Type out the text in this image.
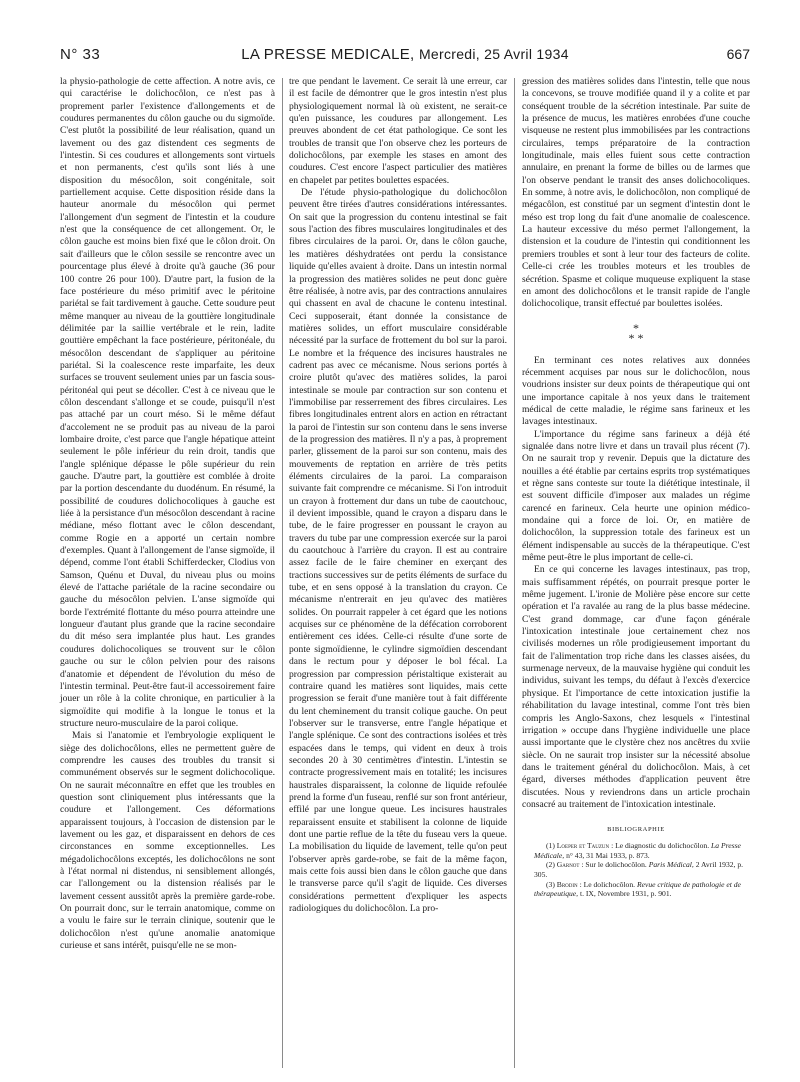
N° 33	LA PRESSE MEDICALE, Mercredi, 25 Avril 1934	667

la physio-pathologie de cette affection. A notre avis, ce qui caractérise le dolichocôlon, ce n'est pas à proprement parler l'existence d'allongements et de coudures permanentes du côlon gauche ou du sigmoïde. C'est plutôt la possibilité de leur réalisation, quand un lavement ou des gaz distendent ces segments de l'intestin. Si ces coudures et allongements sont virtuels et non permanents, c'est qu'ils sont liés à une disposition du mésocôlon, soit congénitale, soit partiellement acquise. Cette disposition réside dans la hauteur anormale du mésocôlon qui permet l'allongement d'un segment de l'intestin et la coudure n'est que la conséquence de cet allongement. Or, le côlon gauche est moins bien fixé que le côlon droit. On sait d'ailleurs que le côlon sessile se rencontre avec un pourcentage plus élevé à droite qu'à gauche (36 pour 100 contre 26 pour 100). D'autre part, la fusion de la face postérieure du méso primitif avec le péritoine pariétal se fait tardivement à gauche. Cette soudure peut même manquer au niveau de la gouttière longitudinale délimitée par la saillie vertébrale et le rein, ladite gouttière empêchant la face postérieure, péritonéale, du mésocôlon descendant de s'appliquer au péritoine pariétal. Si la coalescence reste imparfaite, les deux surfaces se trouvent seulement unies par un fascia sous-péritonéal qui peut se décoller. C'est à ce niveau que le côlon descendant s'allonge et se coude, puisqu'il n'est pas attaché par un court méso. Si le même défaut d'accolement ne se produit pas au niveau de la paroi lombaire droite, c'est parce que l'angle hépatique atteint seulement le pôle inférieur du rein droit, tandis que l'angle splénique dépasse le pôle supérieur du rein gauche. D'autre part, la gouttière est comblée à droite par la portion descendante du duodénum. En résumé, la possibilité de coudures dolichocoliques à gauche est liée à la persistance d'un mésocôlon descendant à racine médiane, méso flottant avec le côlon descendant, comme Rogie en a apporté un certain nombre d'exemples. Quant à l'allongement de l'anse sigmoïde, il dépend, comme l'ont établi Schifferdecker, Clodius von Samson, Quénu et Duval, du niveau plus ou moins élevé de l'attache pariétale de la racine secondaire ou gauche du mésocôlon pelvien. L'anse sigmoïde qui borde l'extrémité flottante du méso pourra atteindre une longueur d'autant plus grande que la racine secondaire du dit méso sera implantée plus haut. Les grandes coudures dolichocoliques se trouvent sur le côlon gauche ou sur le côlon pelvien pour des raisons d'anatomie et dépendent de l'évolution du méso de l'intestin terminal. Peut-être faut-il accessoirement faire jouer un rôle à la colite chronique, en particulier à la sigmoïdite qui modifie à la longue le tonus et la structure neuro-musculaire de la paroi colique.

Mais si l'anatomie et l'embryologie expliquent le siège des dolichocôlons, elles ne permettent guère de comprendre les causes des troubles du transit si communément observés sur le segment dolichocolique. On ne saurait méconnaître en effet que les troubles en question sont cliniquement plus intéressants que la coudure et l'allongement. Ces déformations apparaissent toujours, à l'occasion de distension par le lavement ou les gaz, et disparaissent en dehors de ces circonstances en somme exceptionnelles. Les mégadolichocôlons exceptés, les dolichocôlons ne sont à l'état normal ni distendus, ni sensiblement allongés, car l'allongement ou la distension réalisés par le lavement cessent aussitôt après la première garde-robe. On pourrait donc, sur le terrain anatomique, comme on a voulu le faire sur le terrain clinique, soutenir que le dolichocôlon n'est qu'une anomalie anatomique curieuse et sans intérêt, puisqu'elle ne se mon-

tre que pendant le lavement. Ce serait là une erreur, car il est facile de démontrer que le gros intestin n'est plus physiologiquement normal là où existent, ne serait-ce qu'en puissance, les coudures par allongement. Les preuves abondent de cet état pathologique. Ce sont les troubles de transit que l'on observe chez les porteurs de dolichocôlons, par exemple les stases en amont des coudures. C'est encore l'aspect particulier des matières en chapelet par petites boulettes espacées.

De l'étude physio-pathologique du dolichocôlon peuvent être tirées d'autres considérations intéressantes. On sait que la progression du contenu intestinal se fait sous l'action des fibres musculaires longitudinales et des fibres circulaires de la paroi. Or, dans le côlon gauche, les matières déshydratées ont perdu la consistance liquide qu'elles avaient à droite. Dans un intestin normal la progression des matières solides ne peut donc guère être réalisée, à notre avis, par des contractions annulaires qui chassent en aval de chacune le contenu intestinal. Ceci supposerait, étant donnée la consistance de matières solides, un effort musculaire considérable nécessité par la surface de frottement du bol sur la paroi. Le nombre et la fréquence des incisures haustrales ne cadrent pas avec ce mécanisme. Nous serions portés à croire plutôt qu'avec des matières solides, la paroi intestinale se moule par contraction sur son contenu et l'immobilise par resserrement des fibres circulaires. Les fibres longitudinales entrent alors en action en rétractant la paroi de l'intestin sur son contenu dans le sens inverse de la progression des matières. Il n'y a pas, à proprement parler, glissement de la paroi sur son contenu, mais des mouvements de reptation en arrière de très petits éléments circulaires de la paroi. La comparaison suivante fait comprendre ce mécanisme. Si l'on introduit un crayon à frottement dur dans un tube de caoutchouc, il devient impossible, quand le crayon a disparu dans le tube, de le faire progresser en poussant le crayon au travers du tube par une compression exercée sur la paroi du caoutchouc à l'arrière du crayon. Il est au contraire assez facile de le faire cheminer en exerçant des tractions successives sur de petits éléments de surface du tube, et en sens opposé à la translation du crayon. Ce mécanisme n'entrerait en jeu qu'avec des matières solides. On pourrait rappeler à cet égard que les notions acquises sur ce phénomène de la défécation corroborent entièrement ces idées. Celle-ci résulte d'une sorte de ponte sigmoïdienne, le cylindre sigmoïdien descendant dans le rectum pour y déposer le bol fécal. La progression par compression péristaltique existerait au contraire quand les matières sont liquides, mais cette progression se ferait d'une manière tout à fait différente du lent cheminement du transit colique gauche. On peut l'observer sur le transverse, entre l'angle hépatique et l'angle splénique. Ce sont des contractions isolées et très espacées dans le temps, qui vident en deux à trois secondes 20 à 30 centimètres d'intestin. L'intestin se contracte progressivement mais en totalité; les incisures haustrales disparaissent, la colonne de liquide refoulée prend la forme d'un fuseau, renflé sur son front antérieur, effilé par une longue queue. Les incisures haustrales reparaissent ensuite et stabilisent la colonne de liquide dont une partie reflue de la tête du fuseau vers la queue. La mobilisation du liquide de lavement, telle qu'on peut l'observer après garde-robe, se fait de la même façon, mais cette fois aussi bien dans le côlon gauche que dans le transverse parce qu'il s'agit de liquide. Ces diverses considérations permettent d'expliquer les aspects radiologiques du dolichocôlon. La pro-

gression des matières solides dans l'intestin, telle que nous la concevons, se trouve modifiée quand il y a colite et par conséquent trouble de la sécrétion intestinale. Par suite de la présence de mucus, les matières enrobées d'une couche visqueuse ne restent plus immobilisées par les contractions circulaires, temps préparatoire de la contraction longitudinale, mais elles fuient sous cette contraction annulaire, en prenant la forme de billes ou de larmes que l'on observe pendant le transit des anses dolichocoliques. En somme, à notre avis, le dolichocôlon, non compliqué de mégacôlon, est constitué par un segment d'intestin dont le méso est trop long du fait d'une anomalie de coalescence. La hauteur excessive du méso permet l'allongement, la distension et la coudure de l'intestin qui conditionnent les premiers troubles et sont à leur tour des facteurs de colite. Celle-ci crée les troubles moteurs et les troubles de sécrétion. Spasme et colique muqueuse expliquent la stase en amont des dolichocôlons et le transit rapide de l'angle dolichocolique, transit effectué par boulettes isolées.

*
* *

En terminant ces notes relatives aux données récemment acquises par nous sur le dolichocôlon, nous voudrions insister sur deux points de thérapeutique qui ont une importance capitale à nos yeux dans le traitement médical de cette maladie, le régime sans farineux et les lavages intestinaux.

L'importance du régime sans farineux a déjà été signalée dans notre livre et dans un travail plus récent (7). On ne saurait trop y revenir. Depuis que la dictature des nouilles a été établie par certains esprits trop systématiques et règne sans conteste sur toute la diététique intestinale, il est souvent difficile d'imposer aux malades un régime carencé en farineux. Cela heurte une opinion médico-mondaine qui a force de loi. Or, en matière de dolichocôlon, la suppression totale des farineux est un élément indispensable au succès de la thérapeutique. C'est même peut-être le plus important de celle-ci.

En ce qui concerne les lavages intestinaux, pas trop, mais suffisamment répétés, on pourrait presque porter le même jugement. L'ironie de Molière pèse encore sur cette opération et l'a ravalée au rang de la plus basse médecine. C'est grand dommage, car d'une façon générale l'intoxication intestinale joue certainement chez nos civilisés modernes un rôle prodigieusement important du fait de l'alimentation trop riche dans les classes aisées, du surmenage nerveux, de la mauvaise hygiène qui conduit les individus, suivant les temps, du défaut à l'excès d'exercice physique. Et l'importance de cette intoxication justifie la réhabilitation du lavage intestinal, comme l'ont très bien compris les Anglo-Saxons, chez lesquels « l'intestinal irrigation » occupe dans l'hygiène individuelle une place aussi importante que le clystère chez nos ancêtres du xviie siècle. On ne saurait trop insister sur la nécessité absolue dans le traitement général du dolichocôlon. Mais, à cet égard, diverses méthodes d'application peuvent être discutées. Nous y reviendrons dans un article prochain consacré au traitement de l'intoxication intestinale.

BIBLIOGRAPHIE

(1) Loeper et Tauzun : Le diagnostic du dolichocôlon. La Presse Médicale, n° 43, 31 Mai 1933, p. 873.

(2) Garnot : Sur le dolichocôlon. Paris Médical, 2 Avril 1932, p. 305.

(3) Brodin : Le dolichocôlon. Revue critique de pathologie et de thérapeutique, t. IX, Novembre 1931, p. 901.
